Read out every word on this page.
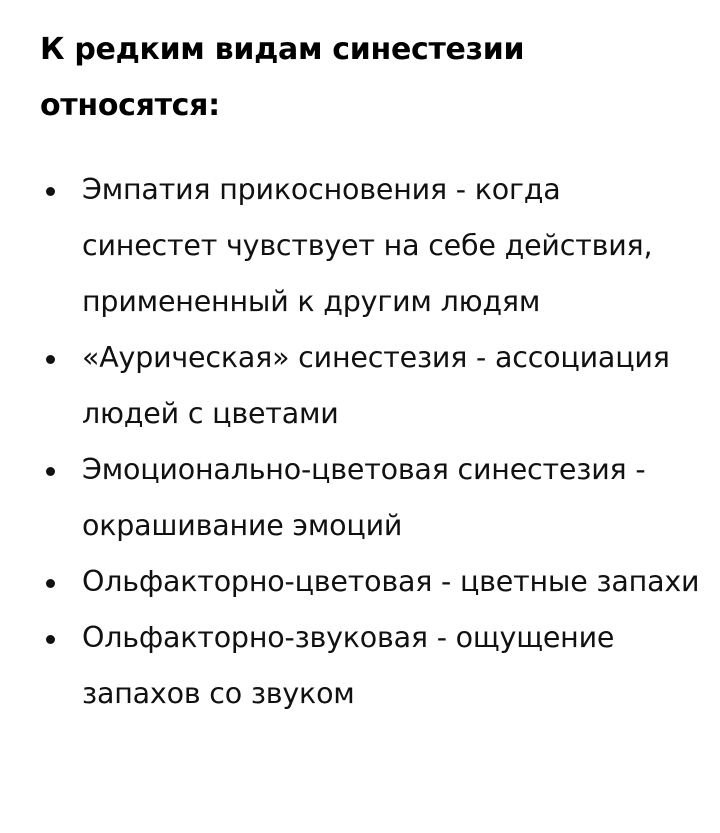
К редким видам синестезии относятся:
Эмпатия прикосновения - когда синестет чувствует на себе действия, примененный к другим людям
«Аурическая» синестезия - ассоциация людей с цветами
Эмоционально-цветовая синестезия - окрашивание эмоций
Ольфакторно-цветовая - цветные запахи
Ольфакторно-звуковая - ощущение запахов со звуком
